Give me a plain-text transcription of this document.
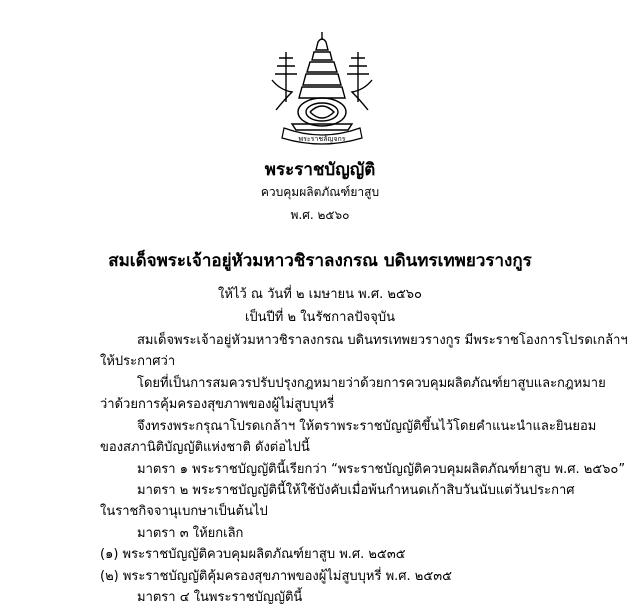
พระราชลัญจกร
พระราชบัญญัติ
ควบคุมผลิตภัณฑ์ยาสูบ
พ.ศ. ๒๕๖๐
สมเด็จพระเจ้าอยู่หัวมหาวชิราลงกรณ บดินทรเทพยวรางกูร
ให้ไว้ ณ วันที่ ๒ เมษายน พ.ศ. ๒๕๖๐
เป็นปีที่ ๒ ในรัชกาลปัจจุบัน
สมเด็จพระเจ้าอยู่หัวมหาวชิราลงกรณ บดินทรเทพยวรางกูร มีพระราชโองการโปรดเกล้าฯ
ให้ประกาศว่า
โดยที่เป็นการสมควรปรับปรุงกฎหมายว่าด้วยการควบคุมผลิตภัณฑ์ยาสูบและกฎหมาย
ว่าด้วยการคุ้มครองสุขภาพของผู้ไม่สูบบุหรี่
จึงทรงพระกรุณาโปรดเกล้าฯ ให้ตราพระราชบัญญัติขึ้นไว้โดยคำแนะนำและยินยอม
ของสภานิติบัญญัติแห่งชาติ ดังต่อไปนี้
มาตรา ๑ พระราชบัญญัตินี้เรียกว่า “พระราชบัญญัติควบคุมผลิตภัณฑ์ยาสูบ พ.ศ. ๒๕๖๐”
มาตรา ๒ พระราชบัญญัตินี้ให้ใช้บังคับเมื่อพ้นกำหนดเก้าสิบวันนับแต่วันประกาศ
ในราชกิจจานุเบกษาเป็นต้นไป
มาตรา ๓ ให้ยกเลิก
(๑) พระราชบัญญัติควบคุมผลิตภัณฑ์ยาสูบ พ.ศ. ๒๕๓๕
(๒) พระราชบัญญัติคุ้มครองสุขภาพของผู้ไม่สูบบุหรี่ พ.ศ. ๒๕๓๕
มาตรา ๔ ในพระราชบัญญัตินี้
